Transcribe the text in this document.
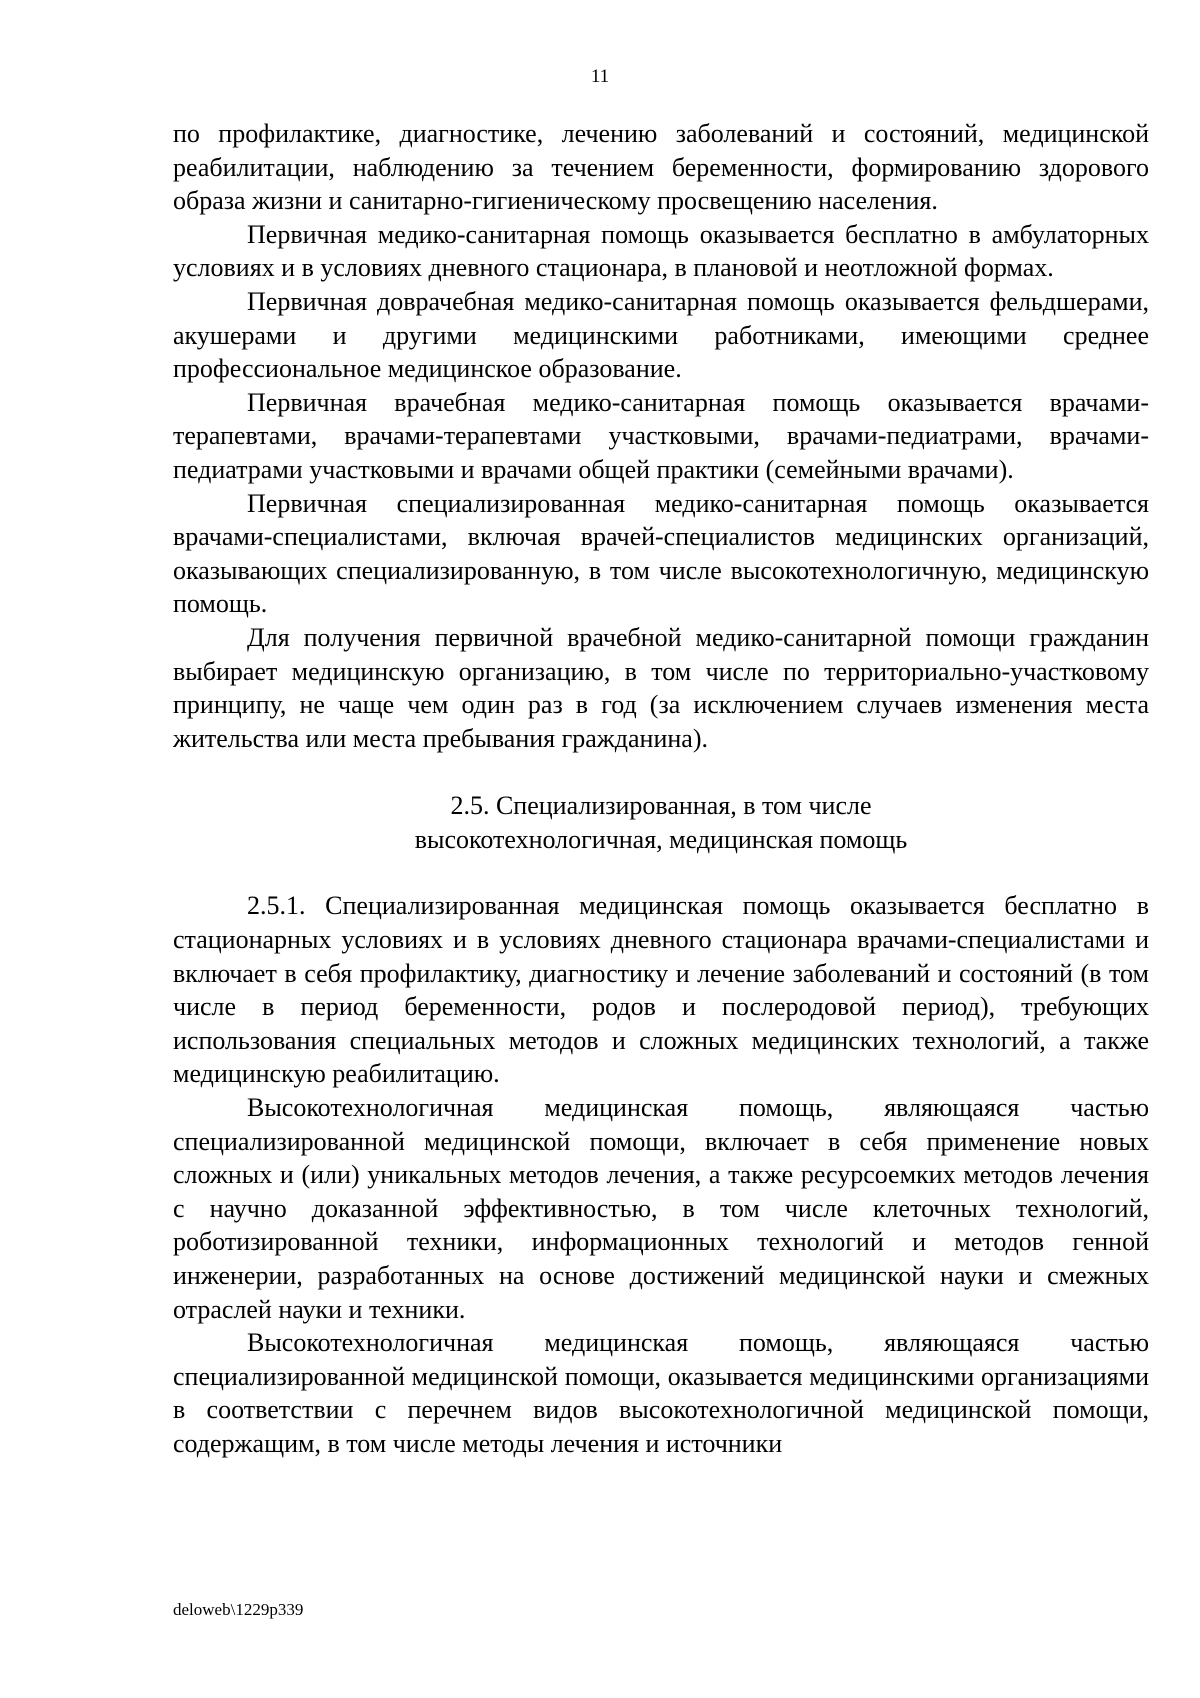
11

по профилактике, диагностике, лечению заболеваний и состояний, медицинской реабилитации, наблюдению за течением беременности, формированию здорового образа жизни и санитарно-гигиеническому просвещению населения.

Первичная медико-санитарная помощь оказывается бесплатно в амбулаторных условиях и в условиях дневного стационара, в плановой и неотложной формах.

Первичная доврачебная медико-санитарная помощь оказывается фельдшерами, акушерами и другими медицинскими работниками, имеющими среднее профессиональное медицинское образование.

Первичная врачебная медико-санитарная помощь оказывается врачами-терапевтами, врачами-терапевтами участковыми, врачами-педиатрами, врачами-педиатрами участковыми и врачами общей практики (семейными врачами).

Первичная специализированная медико-санитарная помощь оказывается врачами-специалистами, включая врачей-специалистов медицинских организаций, оказывающих специализированную, в том числе высокотехнологичную, медицинскую помощь.

Для получения первичной врачебной медико-санитарной помощи гражданин выбирает медицинскую организацию, в том числе по территориально-участковому принципу, не чаще чем один раз в год (за исключением случаев изменения места жительства или места пребывания гражданина).

2.5. Специализированная, в том числе
высокотехнологичная, медицинская помощь

2.5.1. Специализированная медицинская помощь оказывается бесплатно в стационарных условиях и в условиях дневного стационара врачами-специалистами и включает в себя профилактику, диагностику и лечение заболеваний и состояний (в том числе в период беременности, родов и послеродовой период), требующих использования специальных методов и сложных медицинских технологий, а также медицинскую реабилитацию.

Высокотехнологичная медицинская помощь, являющаяся частью специализированной медицинской помощи, включает в себя применение новых сложных и (или) уникальных методов лечения, а также ресурсоемких методов лечения с научно доказанной эффективностью, в том числе клеточных технологий, роботизированной техники, информационных технологий и методов генной инженерии, разработанных на основе достижений медицинской науки и смежных отраслей науки и техники.

Высокотехнологичная медицинская помощь, являющаяся частью специализированной медицинской помощи, оказывается медицинскими организациями в соответствии с перечнем видов высокотехнологичной медицинской помощи, содержащим, в том числе методы лечения и источники

deloweb\1229p339
